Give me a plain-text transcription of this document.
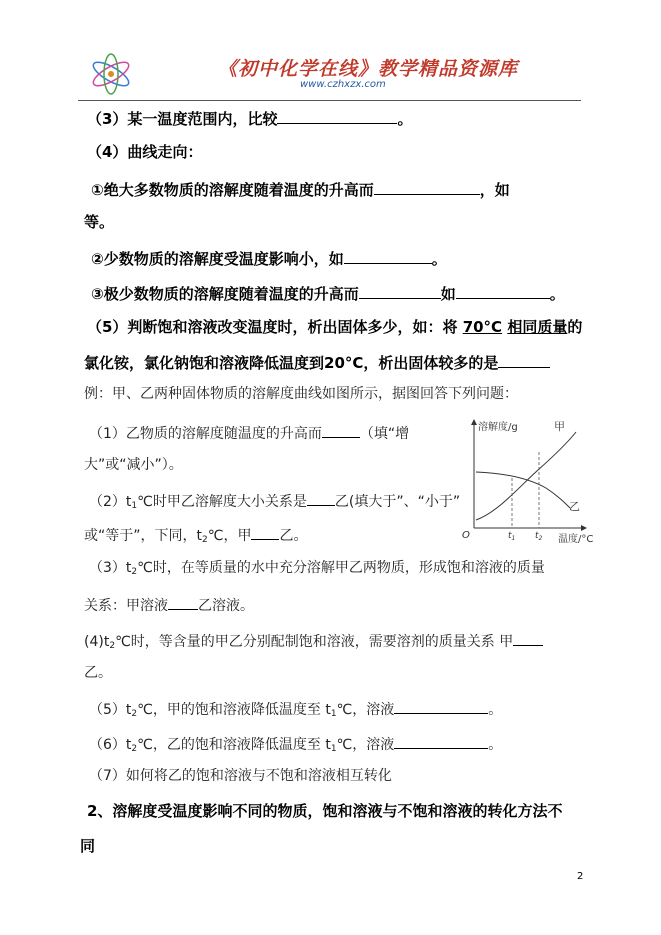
《初中化学在线》教学精品资源库
www.czhxzx.com
（3）某一温度范围内，比较	。
（4）曲线走向：
①绝大多数物质的溶解度随着温度的升高而	，如
等。
②少数物质的溶解度受温度影响小，如	。
③极少数物质的溶解度随着温度的升高而	如	。
（5）判断饱和溶液改变温度时，析出固体多少，如：将 70°C 相同质量的
氯化铵，氯化钠饱和溶液降低温度到20°C，析出固体较多的是
例：甲、乙两种固体物质的溶解度曲线如图所示，据图回答下列问题：
（1）乙物质的溶解度随温度的升高而	（填“增
大”或“减小”）。
$(2)t_1℃$时甲乙溶解度大小关系是 乙(填大于”、“小于”
或“等于”，下同，$t_2℃$，甲 乙。
$(3)t_2℃$时，在等质量的水中充分溶解甲乙两物质，形成饱和溶液的质量
关系：甲溶液 乙溶液。
$(4)t_2℃$时，等含量的甲乙分别配制饱和溶液，需要溶剂的质量关系 甲
乙。
$(5)t_2℃$，甲的饱和溶液降低温度至 $t_1℃$，溶液	。
$(6)t_2℃$，乙的饱和溶液降低温度至 $t_1℃$，溶液	。
（7）如何将乙的饱和溶液与不饱和溶液相互转化
2、溶解度受温度影响不同的物质，饱和溶液与不饱和溶液的转化方法不
同
溶解度/g	甲
乙
O	$t_1$ $t_2$ 温度/°C
2
